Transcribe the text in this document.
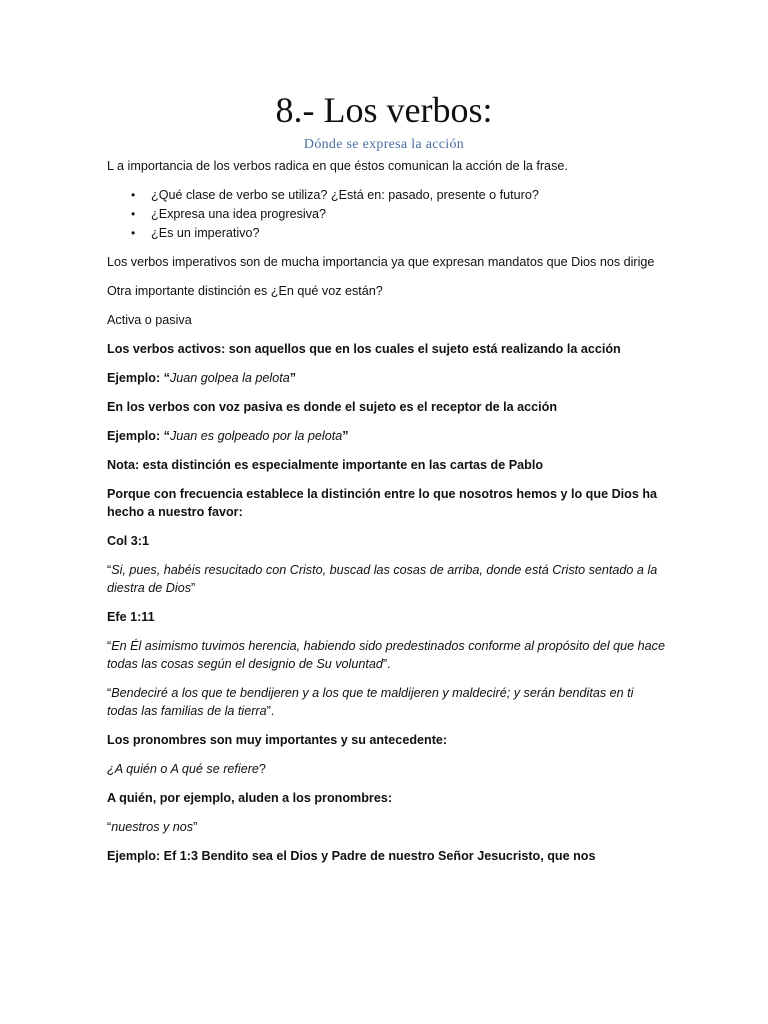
8.- Los verbos:
Dónde se expresa la acción

L a importancia de los verbos radica en que éstos comunican la acción de la frase.

• ¿Qué clase de verbo se utiliza? ¿Está en: pasado, presente o futuro?
• ¿Expresa una idea progresiva?
• ¿Es un imperativo?

Los verbos imperativos son de mucha importancia ya que expresan mandatos que Dios nos dirige

Otra importante distinción es ¿En qué voz están?

Activa o pasiva

Los verbos activos: son aquellos que en los cuales el sujeto está realizando la acción

Ejemplo: “Juan golpea la pelota”

En los verbos con voz pasiva es donde el sujeto es el receptor de la acción

Ejemplo: “Juan es golpeado por la pelota”

Nota: esta distinción es especialmente importante en las cartas de Pablo

Porque con frecuencia establece la distinción entre lo que nosotros hemos y lo que Dios ha hecho a nuestro favor:

Col 3:1

“Si, pues, habéis resucitado con Cristo, buscad las cosas de arriba, donde está Cristo sentado a la diestra de Dios”

Efe 1:11

“En Él asimismo tuvimos herencia, habiendo sido predestinados conforme al propósito del que hace todas las cosas según el designio de Su voluntad”.

“Bendeciré a los que te bendijeren y a los que te maldijeren y maldeciré; y serán benditas en ti todas las familias de la tierra”.

Los pronombres son muy importantes y su antecedente:

¿A quién o A qué se refiere?

A quién, por ejemplo, aluden a los pronombres:

“nuestros y nos”

Ejemplo: Ef 1:3 Bendito sea el Dios y Padre de nuestro Señor Jesucristo, que nos
